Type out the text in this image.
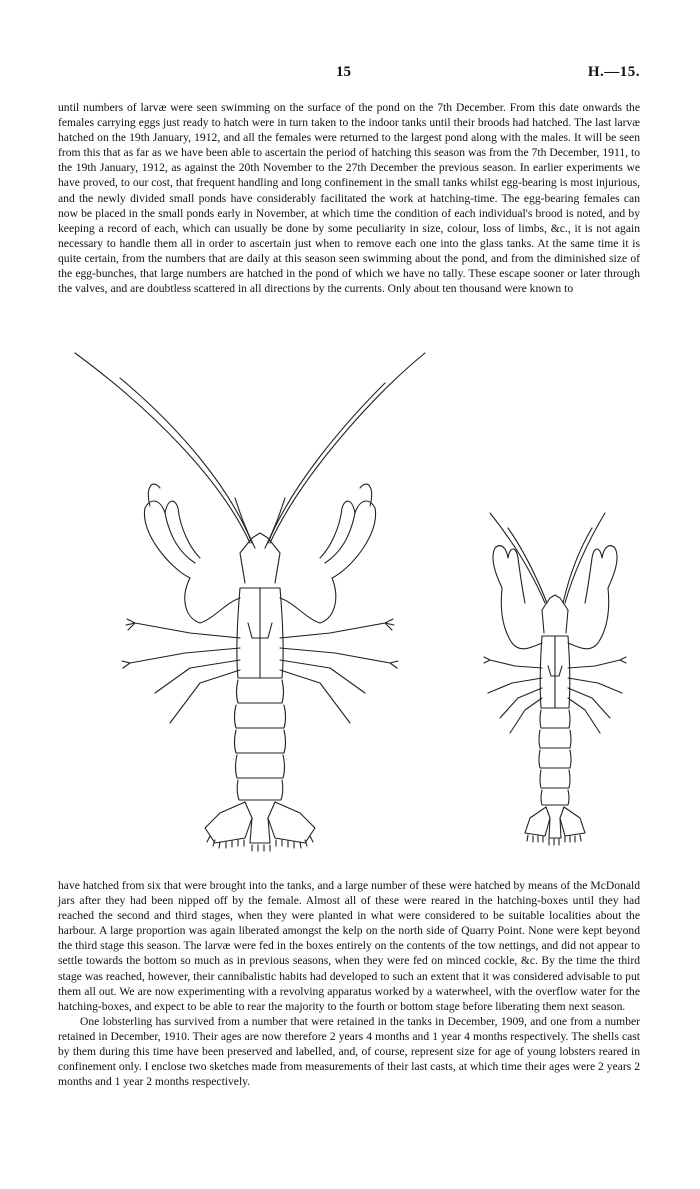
15	H.—15.

until numbers of larvæ were seen swimming on the surface of the pond on the 7th December. From this date onwards the females carrying eggs just ready to hatch were in turn taken to the indoor tanks until their broods had hatched. The last larvæ hatched on the 19th January, 1912, and all the females were returned to the largest pond along with the males. It will be seen from this that as far as we have been able to ascertain the period of hatching this season was from the 7th December, 1911, to the 19th January, 1912, as against the 20th November to the 27th December the previous season. In earlier experiments we have proved, to our cost, that frequent handling and long confinement in the small tanks whilst egg-bearing is most injurious, and the newly divided small ponds have considerably facilitated the work at hatching-time. The egg-bearing females can now be placed in the small ponds early in November, at which time the condition of each individual's brood is noted, and by keeping a record of each, which can usually be done by some peculiarity in size, colour, loss of limbs, &c., it is not again necessary to handle them all in order to ascertain just when to remove each one into the glass tanks. At the same time it is quite certain, from the numbers that are daily at this season seen swimming about the pond, and from the diminished size of the egg-bunches, that large numbers are hatched in the pond of which we have no tally. These escape sooner or later through the valves, and are doubtless scattered in all directions by the currents. Only about ten thousand were known to

have hatched from six that were brought into the tanks, and a large number of these were hatched by means of the McDonald jars after they had been nipped off by the female. Almost all of these were reared in the hatching-boxes until they had reached the second and third stages, when they were planted in what were considered to be suitable localities about the harbour. A large proportion was again liberated amongst the kelp on the north side of Quarry Point. None were kept beyond the third stage this season. The larvæ were fed in the boxes entirely on the contents of the tow nettings, and did not appear to settle towards the bottom so much as in previous seasons, when they were fed on minced cockle, &c. By the time the third stage was reached, however, their cannibalistic habits had developed to such an extent that it was considered advisable to put them all out. We are now experimenting with a revolving apparatus worked by a waterwheel, with the overflow water for the hatching-boxes, and expect to be able to rear the majority to the fourth or bottom stage before liberating them next season.
One lobsterling has survived from a number that were retained in the tanks in December, 1909, and one from a number retained in December, 1910. Their ages are now therefore 2 years 4 months and 1 year 4 months respectively. The shells cast by them during this time have been preserved and labelled, and, of course, represent size for age of young lobsters reared in confinement only. I enclose two sketches made from measurements of their last casts, at which time their ages were 2 years 2 months and 1 year 2 months respectively.
